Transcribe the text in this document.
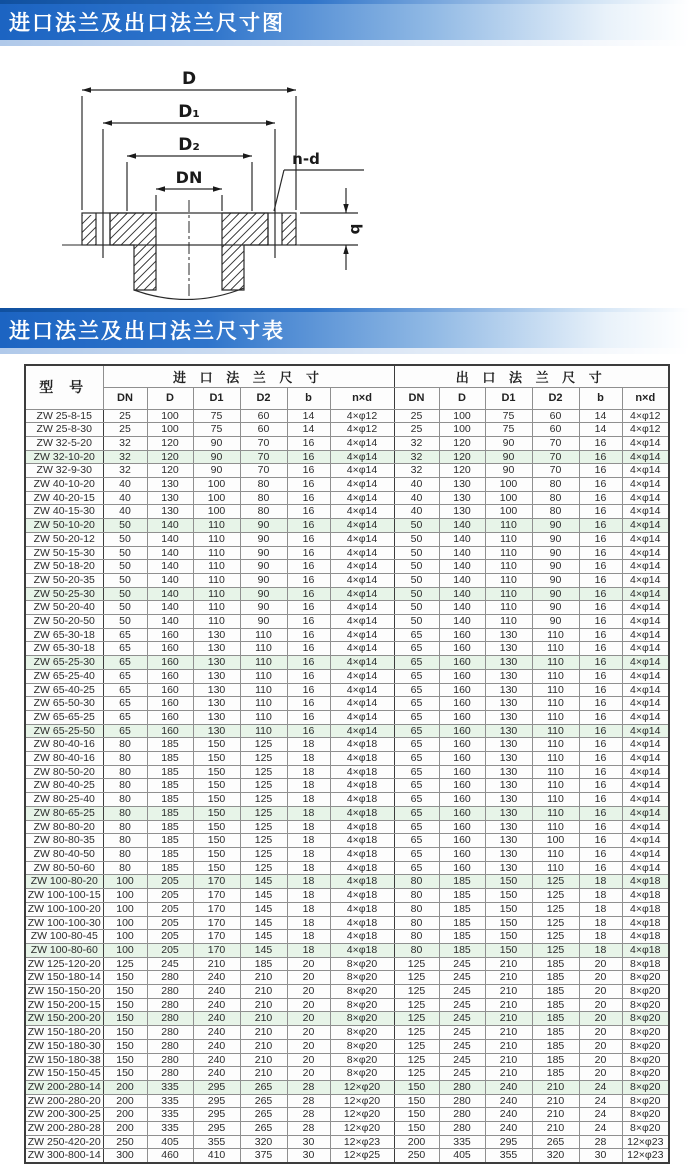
进口法兰及出口法兰尺寸图
D
D₁
D₂
DN
n-d
b
进口法兰及出口法兰尺寸表
型 号	进 口 法 兰 尺 寸						出 口 法 兰 尺 寸					
	DN	D	D1	D2	b	n×d	DN	D	D1	D2	b	n×d
ZW 25-8-15	25	100	75	60	14	4×φ12	25	100	75	60	14	4×φ12
ZW 25-8-30	25	100	75	60	14	4×φ12	25	100	75	60	14	4×φ12
ZW 32-5-20	32	120	90	70	16	4×φ14	32	120	90	70	16	4×φ14
ZW 32-10-20	32	120	90	70	16	4×φ14	32	120	90	70	16	4×φ14
ZW 32-9-30	32	120	90	70	16	4×φ14	32	120	90	70	16	4×φ14
ZW 40-10-20	40	130	100	80	16	4×φ14	40	130	100	80	16	4×φ14
ZW 40-20-15	40	130	100	80	16	4×φ14	40	130	100	80	16	4×φ14
ZW 40-15-30	40	130	100	80	16	4×φ14	40	130	100	80	16	4×φ14
ZW 50-10-20	50	140	110	90	16	4×φ14	50	140	110	90	16	4×φ14
ZW 50-20-12	50	140	110	90	16	4×φ14	50	140	110	90	16	4×φ14
ZW 50-15-30	50	140	110	90	16	4×φ14	50	140	110	90	16	4×φ14
ZW 50-18-20	50	140	110	90	16	4×φ14	50	140	110	90	16	4×φ14
ZW 50-20-35	50	140	110	90	16	4×φ14	50	140	110	90	16	4×φ14
ZW 50-25-30	50	140	110	90	16	4×φ14	50	140	110	90	16	4×φ14
ZW 50-20-40	50	140	110	90	16	4×φ14	50	140	110	90	16	4×φ14
ZW 50-20-50	50	140	110	90	16	4×φ14	50	140	110	90	16	4×φ14
ZW 65-30-18	65	160	130	110	16	4×φ14	65	160	130	110	16	4×φ14
ZW 65-30-18	65	160	130	110	16	4×φ14	65	160	130	110	16	4×φ14
ZW 65-25-30	65	160	130	110	16	4×φ14	65	160	130	110	16	4×φ14
ZW 65-25-40	65	160	130	110	16	4×φ14	65	160	130	110	16	4×φ14
ZW 65-40-25	65	160	130	110	16	4×φ14	65	160	130	110	16	4×φ14
ZW 65-50-30	65	160	130	110	16	4×φ14	65	160	130	110	16	4×φ14
ZW 65-65-25	65	160	130	110	16	4×φ14	65	160	130	110	16	4×φ14
ZW 65-25-50	65	160	130	110	16	4×φ14	65	160	130	110	16	4×φ14
ZW 80-40-16	80	185	150	125	18	4×φ18	65	160	130	110	16	4×φ14
ZW 80-40-16	80	185	150	125	18	4×φ18	65	160	130	110	16	4×φ14
ZW 80-50-20	80	185	150	125	18	4×φ18	65	160	130	110	16	4×φ14
ZW 80-40-25	80	185	150	125	18	4×φ18	65	160	130	110	16	4×φ14
ZW 80-25-40	80	185	150	125	18	4×φ18	65	160	130	110	16	4×φ14
ZW 80-65-25	80	185	150	125	18	4×φ18	65	160	130	110	16	4×φ14
ZW 80-80-20	80	185	150	125	18	4×φ18	65	160	130	110	16	4×φ14
ZW 80-80-35	80	185	150	125	18	4×φ18	65	160	130	100	16	4×φ14
ZW 80-40-50	80	185	150	125	18	4×φ18	65	160	130	110	16	4×φ14
ZW 80-50-60	80	185	150	125	18	4×φ18	65	160	130	110	16	4×φ14
ZW 100-80-20	100	205	170	145	18	4×φ18	80	185	150	125	18	4×φ18
ZW 100-100-15	100	205	170	145	18	4×φ18	80	185	150	125	18	4×φ18
ZW 100-100-20	100	205	170	145	18	4×φ18	80	185	150	125	18	4×φ18
ZW 100-100-30	100	205	170	145	18	4×φ18	80	185	150	125	18	4×φ18
ZW 100-80-45	100	205	170	145	18	4×φ18	80	185	150	125	18	4×φ18
ZW 100-80-60	100	205	170	145	18	4×φ18	80	185	150	125	18	4×φ18
ZW 125-120-20	125	245	210	185	20	8×φ20	125	245	210	185	20	8×φ18
ZW 150-180-14	150	280	240	210	20	8×φ20	125	245	210	185	20	8×φ20
ZW 150-150-20	150	280	240	210	20	8×φ20	125	245	210	185	20	8×φ20
ZW 150-200-15	150	280	240	210	20	8×φ20	125	245	210	185	20	8×φ20
ZW 150-200-20	150	280	240	210	20	8×φ20	125	245	210	185	20	8×φ20
ZW 150-180-20	150	280	240	210	20	8×φ20	125	245	210	185	20	8×φ20
ZW 150-180-30	150	280	240	210	20	8×φ20	125	245	210	185	20	8×φ20
ZW 150-180-38	150	280	240	210	20	8×φ20	125	245	210	185	20	8×φ20
ZW 150-150-45	150	280	240	210	20	8×φ20	125	245	210	185	20	8×φ20
ZW 200-280-14	200	335	295	265	28	12×φ20	150	280	240	210	24	8×φ20
ZW 200-280-20	200	335	295	265	28	12×φ20	150	280	240	210	24	8×φ20
ZW 200-300-25	200	335	295	265	28	12×φ20	150	280	240	210	24	8×φ20
ZW 200-280-28	200	335	295	265	28	12×φ20	150	280	240	210	24	8×φ20
ZW 250-420-20	250	405	355	320	30	12×φ23	200	335	295	265	28	12×φ23
ZW 300-800-14	300	460	410	375	30	12×φ25	250	405	355	320	30	12×φ23
